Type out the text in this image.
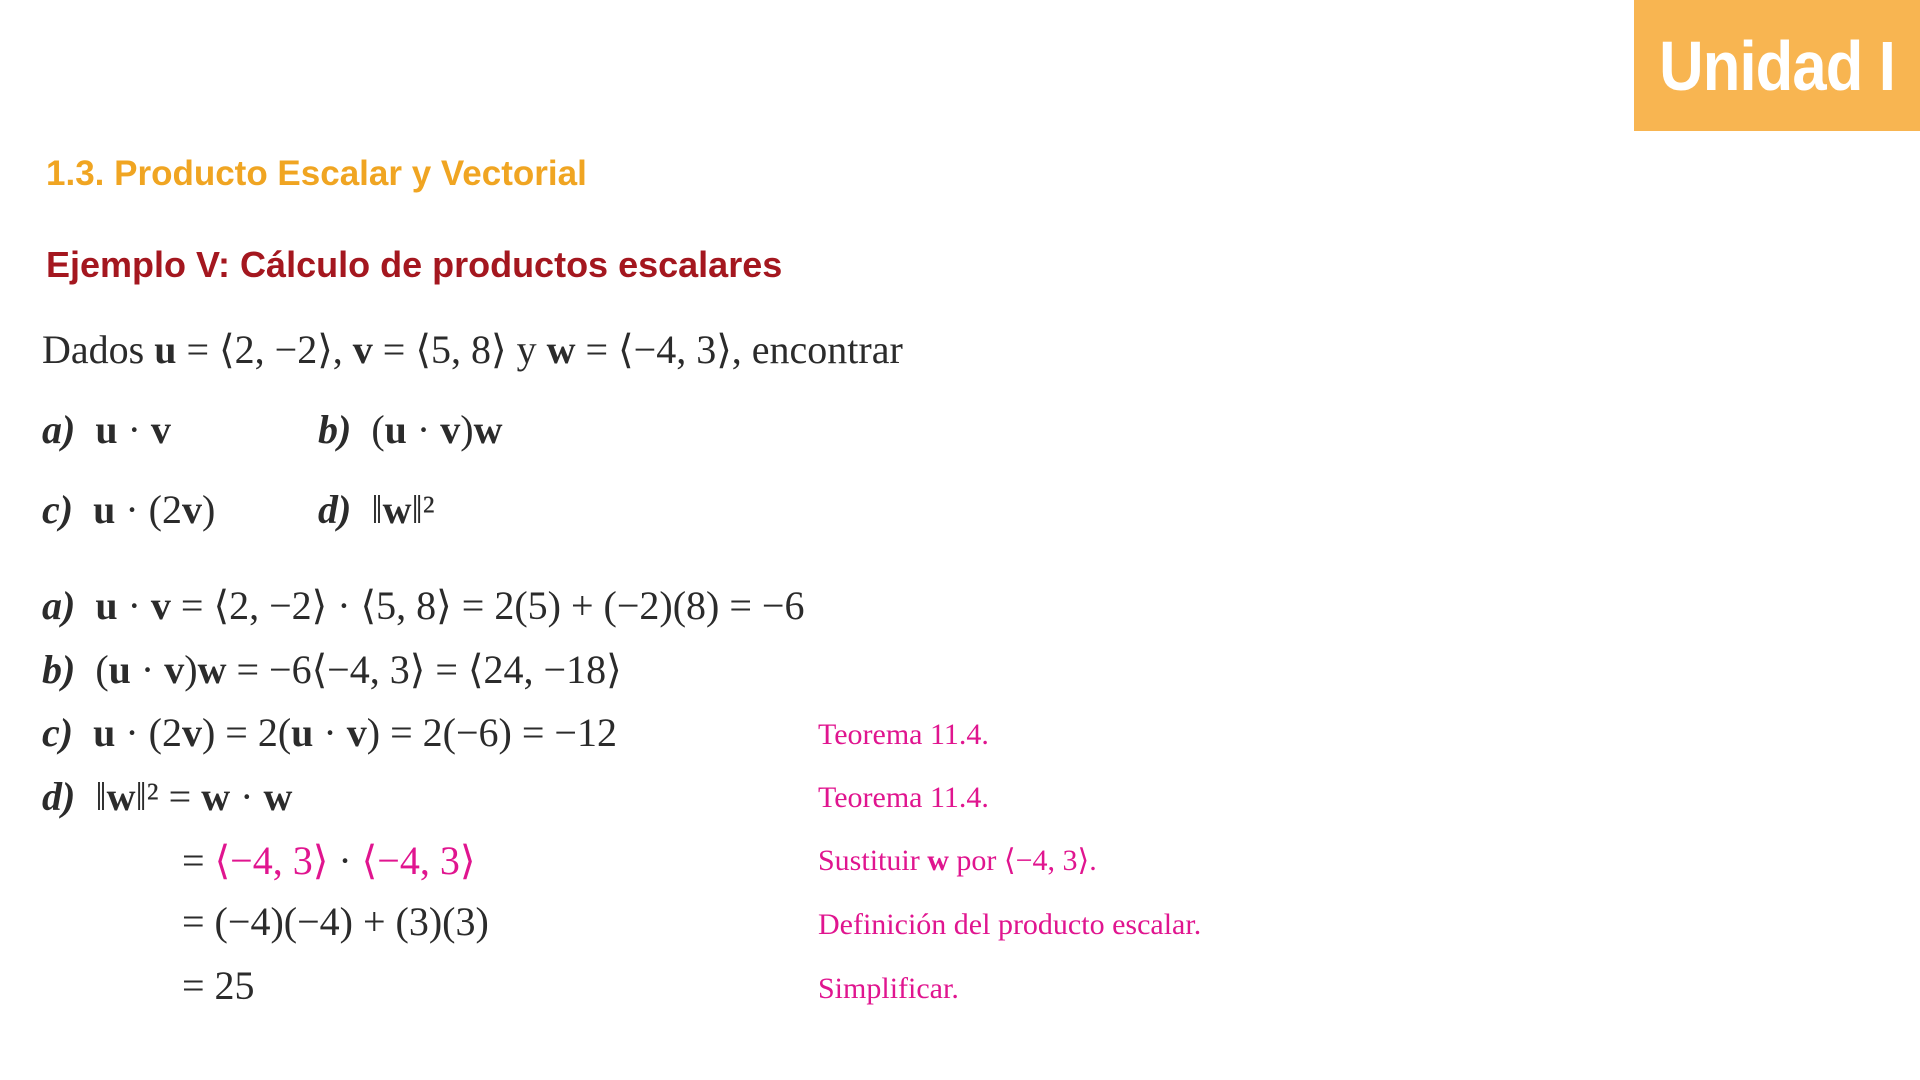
Unidad I
1.3. Producto Escalar y Vectorial
Ejemplo V: Cálculo de productos escalares
Dados u = ⟨2, −2⟩, v = ⟨5, 8⟩ y w = ⟨−4, 3⟩, encontrar
a) u · v	b) (u · v)w
c) u · (2v)	d) ‖w‖²
a) u · v = ⟨2, −2⟩ · ⟨5, 8⟩ = 2(5) + (−2)(8) = −6
b) (u · v)w = −6⟨−4, 3⟩ = ⟨24, −18⟩
c) u · (2v) = 2(u · v) = 2(−6) = −12
d) ‖w‖² = w · w
= ⟨−4, 3⟩ · ⟨−4, 3⟩
= (−4)(−4) + (3)(3)
= 25
Teorema 11.4.
Teorema 11.4.
Sustituir w por ⟨−4, 3⟩.
Definición del producto escalar.
Simplificar.
